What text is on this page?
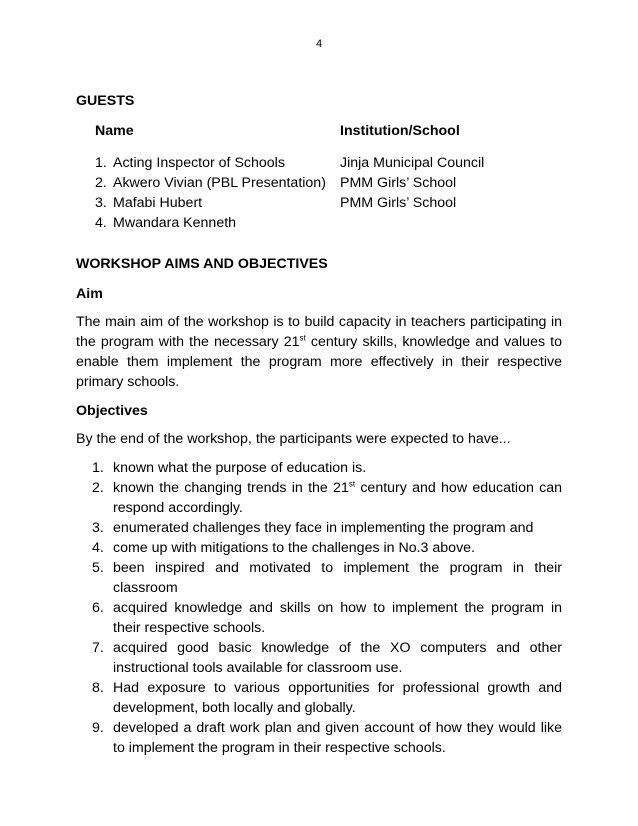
4
GUESTS
Name	Institution/School
1. Acting Inspector of Schools	Jinja Municipal Council
2. Akwero Vivian (PBL Presentation)	PMM Girls’ School
3. Mafabi Hubert	PMM Girls’ School
4. Mwandara Kenneth	
WORKSHOP AIMS AND OBJECTIVES
Aim

The main aim of the workshop is to build capacity in teachers participating in the program with the necessary 21st century skills, knowledge and values to enable them implement the program more effectively in their respective primary schools.

Objectives

By the end of the workshop, the participants were expected to have...

1. known what the purpose of education is.
2. known the changing trends in the 21st century and how education can respond accordingly.
3. enumerated challenges they face in implementing the program and
4. come up with mitigations to the challenges in No.3 above.
5. been inspired and motivated to implement the program in their classroom
6. acquired knowledge and skills on how to implement the program in their respective schools.
7. acquired good basic knowledge of the XO computers and other instructional tools available for classroom use.
8. Had exposure to various opportunities for professional growth and development, both locally and globally.
9. developed a draft work plan and given account of how they would like to implement the program in their respective schools.
